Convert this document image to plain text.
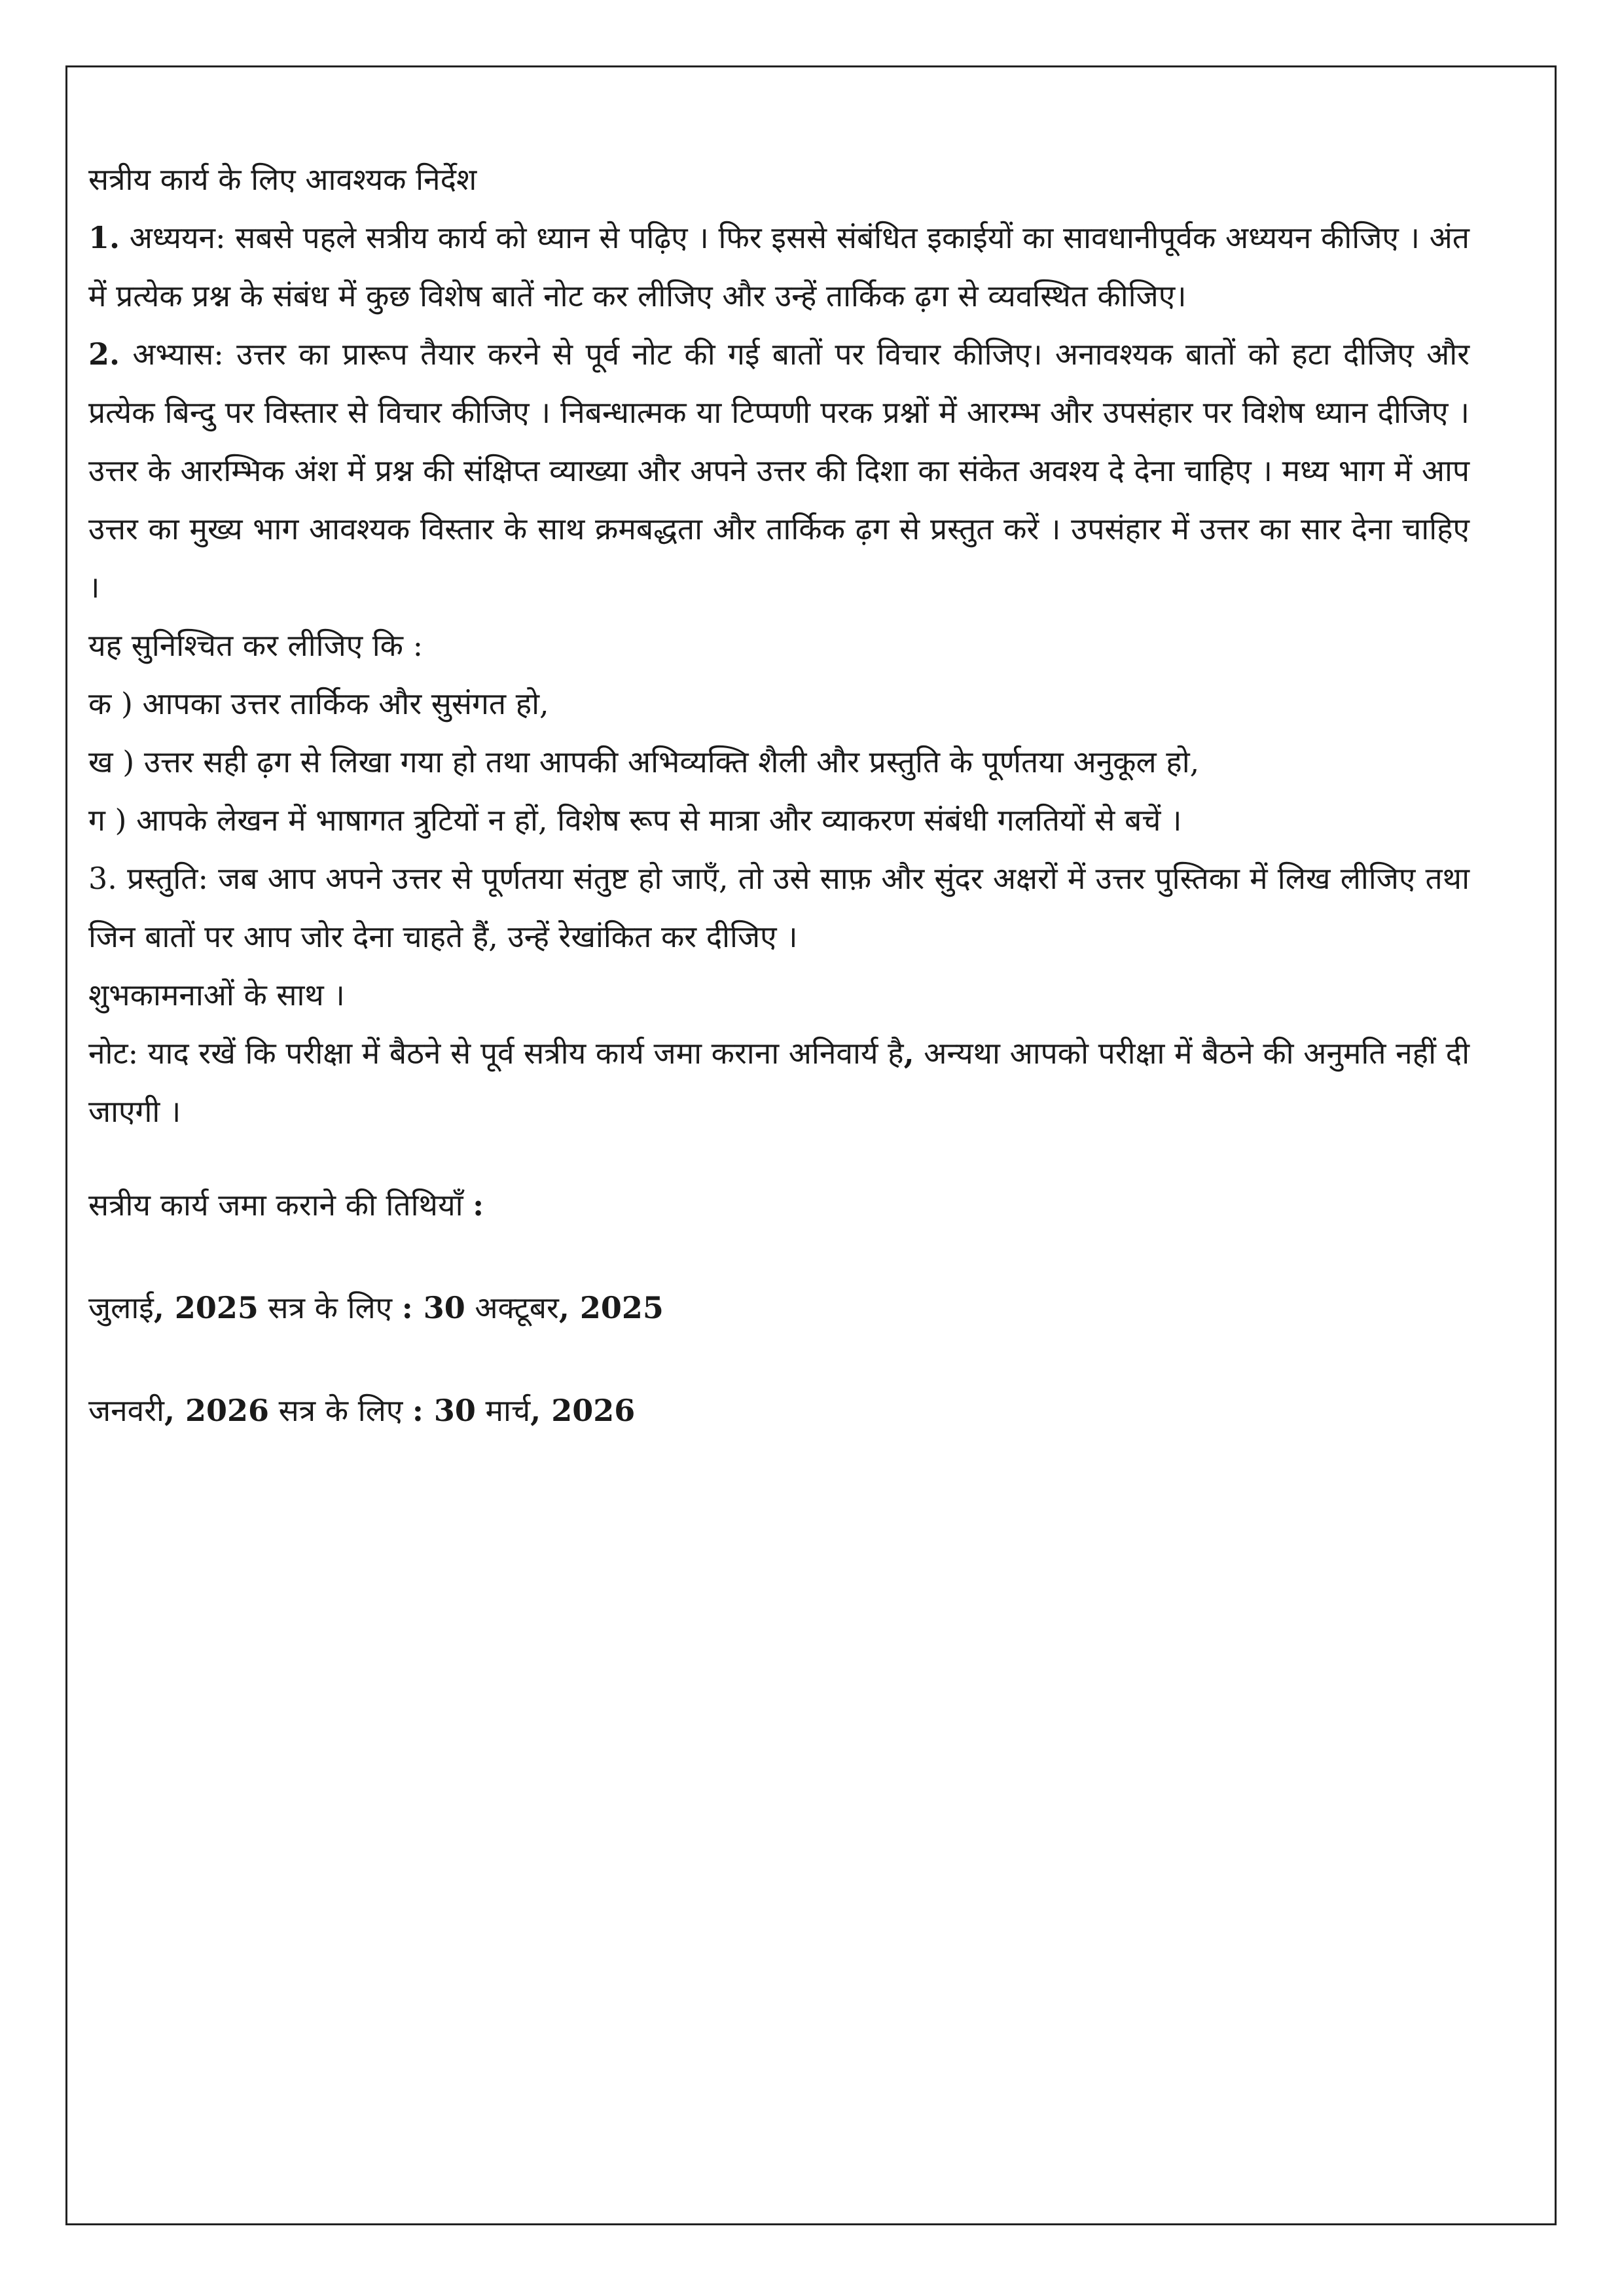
सत्रीय कार्य के लिए आवश्यक निर्देश

1. अध्ययन: सबसे पहले सत्रीय कार्य को ध्यान से पढ़िए । फिर इससे संबंधित इकाईयों का सावधानीपूर्वक अध्ययन कीजिए । अंत में प्रत्येक प्रश्न के संबंध में कुछ विशेष बातें नोट कर लीजिए और उन्हें तार्किक ढ़ग से व्यवस्थित कीजिए।

2. अभ्यास: उत्तर का प्रारूप तैयार करने से पूर्व नोट की गई बातों पर विचार कीजिए। अनावश्यक बातों को हटा दीजिए और प्रत्येक बिन्दु पर विस्तार से विचार कीजिए । निबन्धात्मक या टिप्पणी परक प्रश्नों में आरम्भ और उपसंहार पर विशेष ध्यान दीजिए । उत्तर के आरम्भिक अंश में प्रश्न की संक्षिप्त व्याख्या और अपने उत्तर की दिशा का संकेत अवश्य दे देना चाहिए । मध्य भाग में आप उत्तर का मुख्य भाग आवश्यक विस्तार के साथ क्रमबद्धता और तार्किक ढ़ग से प्रस्तुत करें । उपसंहार में उत्तर का सार देना चाहिए ।

यह सुनिश्चित कर लीजिए कि :

क ) आपका उत्तर तार्किक और सुसंगत हो,

ख ) उत्तर सही ढ़ग से लिखा गया हो तथा आपकी अभिव्यक्ति शैली और प्रस्तुति के पूर्णतया अनुकूल हो,

ग ) आपके लेखन में भाषागत त्रुटियों न हों, विशेष रूप से मात्रा और व्याकरण संबंधी गलतियों से बचें ।

3. प्रस्तुति: जब आप अपने उत्तर से पूर्णतया संतुष्ट हो जाएँ, तो उसे साफ़ और सुंदर अक्षरों में उत्तर पुस्तिका में लिख लीजिए तथा जिन बातों पर आप जोर देना चाहते हैं, उन्हें रेखांकित कर दीजिए ।

शुभकामनाओं के साथ ।

नोट: याद रखें कि परीक्षा में बैठने से पूर्व सत्रीय कार्य जमा कराना अनिवार्य है, अन्यथा आपको परीक्षा में बैठने की अनुमति नहीं दी जाएगी ।

सत्रीय कार्य जमा कराने की तिथियाँ :

जुलाई, 2025 सत्र के लिए : 30 अक्टूबर, 2025

जनवरी, 2026 सत्र के लिए : 30 मार्च, 2026
